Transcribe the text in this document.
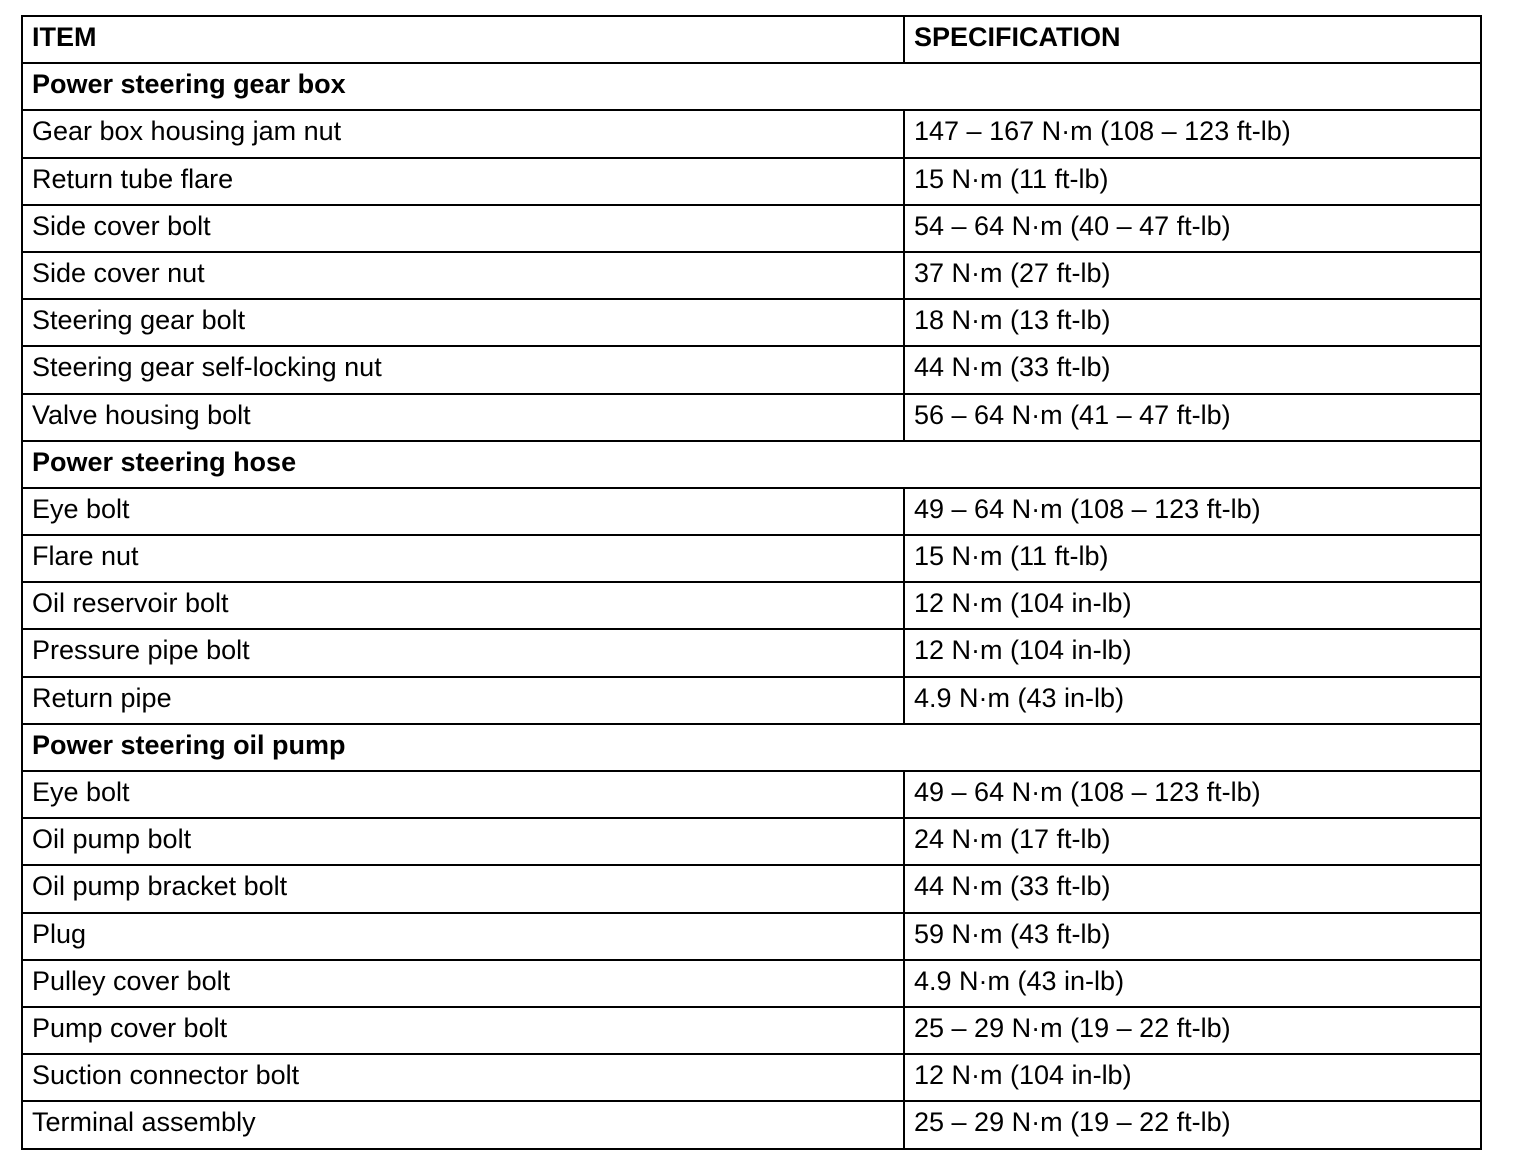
ITEM	SPECIFICATION
Power steering gear box	
Gear box housing jam nut	147 – 167 N·m (108 – 123 ft-lb)
Return tube flare	15 N·m (11 ft-lb)
Side cover bolt	54 – 64 N·m (40 – 47 ft-lb)
Side cover nut	37 N·m (27 ft-lb)
Steering gear bolt	18 N·m (13 ft-lb)
Steering gear self-locking nut	44 N·m (33 ft-lb)
Valve housing bolt	56 – 64 N·m (41 – 47 ft-lb)
Power steering hose	
Eye bolt	49 – 64 N·m (108 – 123 ft-lb)
Flare nut	15 N·m (11 ft-lb)
Oil reservoir bolt	12 N·m (104 in-lb)
Pressure pipe bolt	12 N·m (104 in-lb)
Return pipe	4.9 N·m (43 in-lb)
Power steering oil pump	
Eye bolt	49 – 64 N·m (108 – 123 ft-lb)
Oil pump bolt	24 N·m (17 ft-lb)
Oil pump bracket bolt	44 N·m (33 ft-lb)
Plug	59 N·m (43 ft-lb)
Pulley cover bolt	4.9 N·m (43 in-lb)
Pump cover bolt	25 – 29 N·m (19 – 22 ft-lb)
Suction connector bolt	12 N·m (104 in-lb)
Terminal assembly	25 – 29 N·m (19 – 22 ft-lb)
